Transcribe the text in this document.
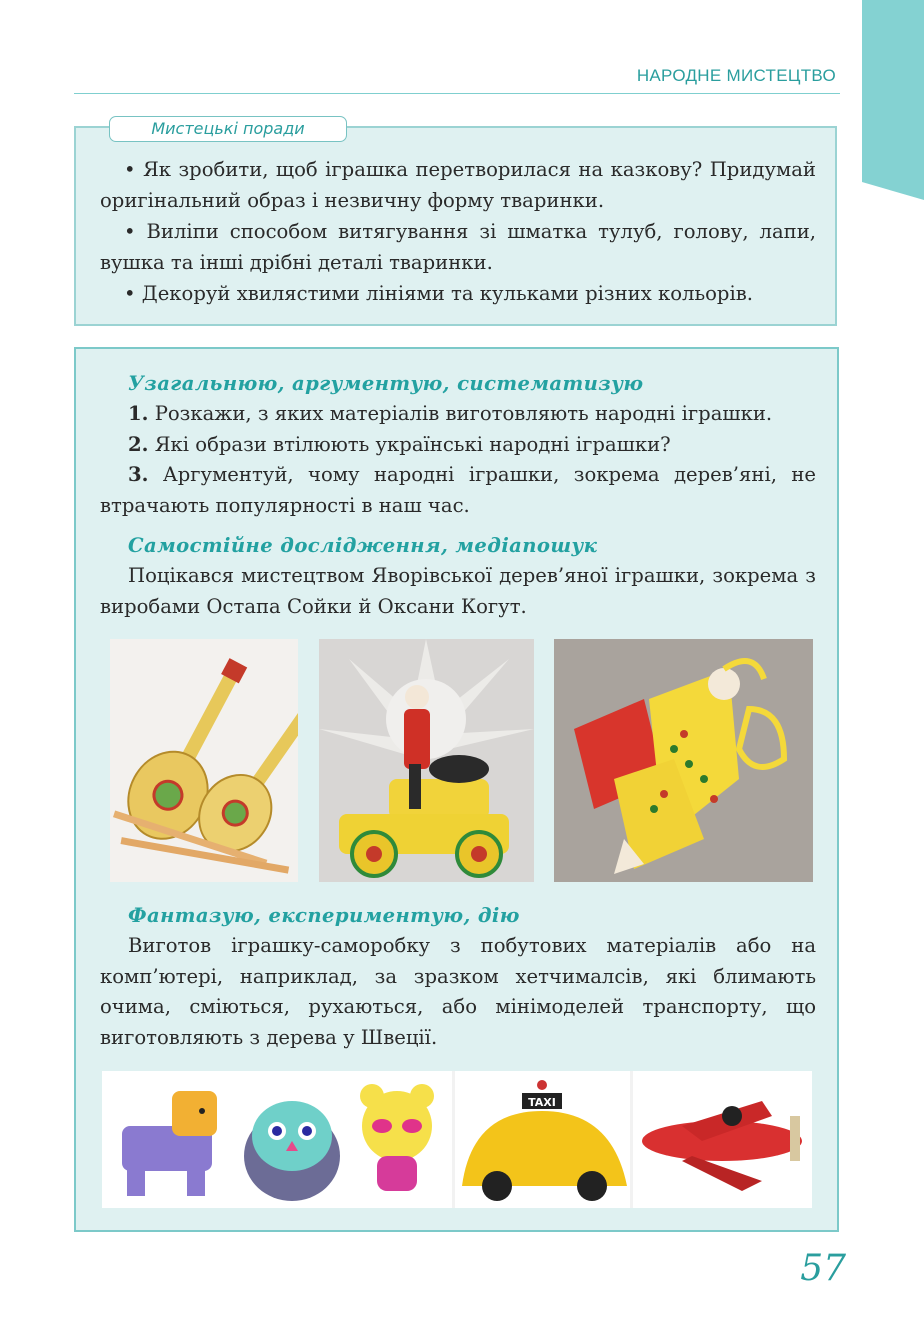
НАРОДНЕ МИСТЕЦТВО
Мистецькі поради

• Як зробити, щоб іграшка перетворилася на казкову? Придумай оригінальний образ і незвичну форму тваринки.

• Виліпи способом витягування зі шматка тулуб, голову, лапи, вушка та інші дрібні деталі тваринки.

• Декоруй хвилястими лініями та кульками різних кольорів.

Узагальнюю, аргументую, систематизую

1. Розкажи, з яких матеріалів виготовляють народні іграшки.

2. Які образи втілюють українські народні іграшки?

3. Аргументуй, чому народні іграшки, зокрема дерев’яні, не втрачають популярності в наш час.

Самостійне дослідження, медіапошук

Поцікався мистецтвом Яворівської дерев’яної іграшки, зокрема з виробами Остапа Сойки й Оксани Когут.

Фантазую, експериментую, дію

Виготов іграшку-саморобку з побутових матеріалів або на комп’ютері, наприклад, за зразком хетчималсів, які блимають очима, сміються, рухаються, або мінімоделей транспорту, що виготовляють з дерева у Швеції.

TAXI
57
